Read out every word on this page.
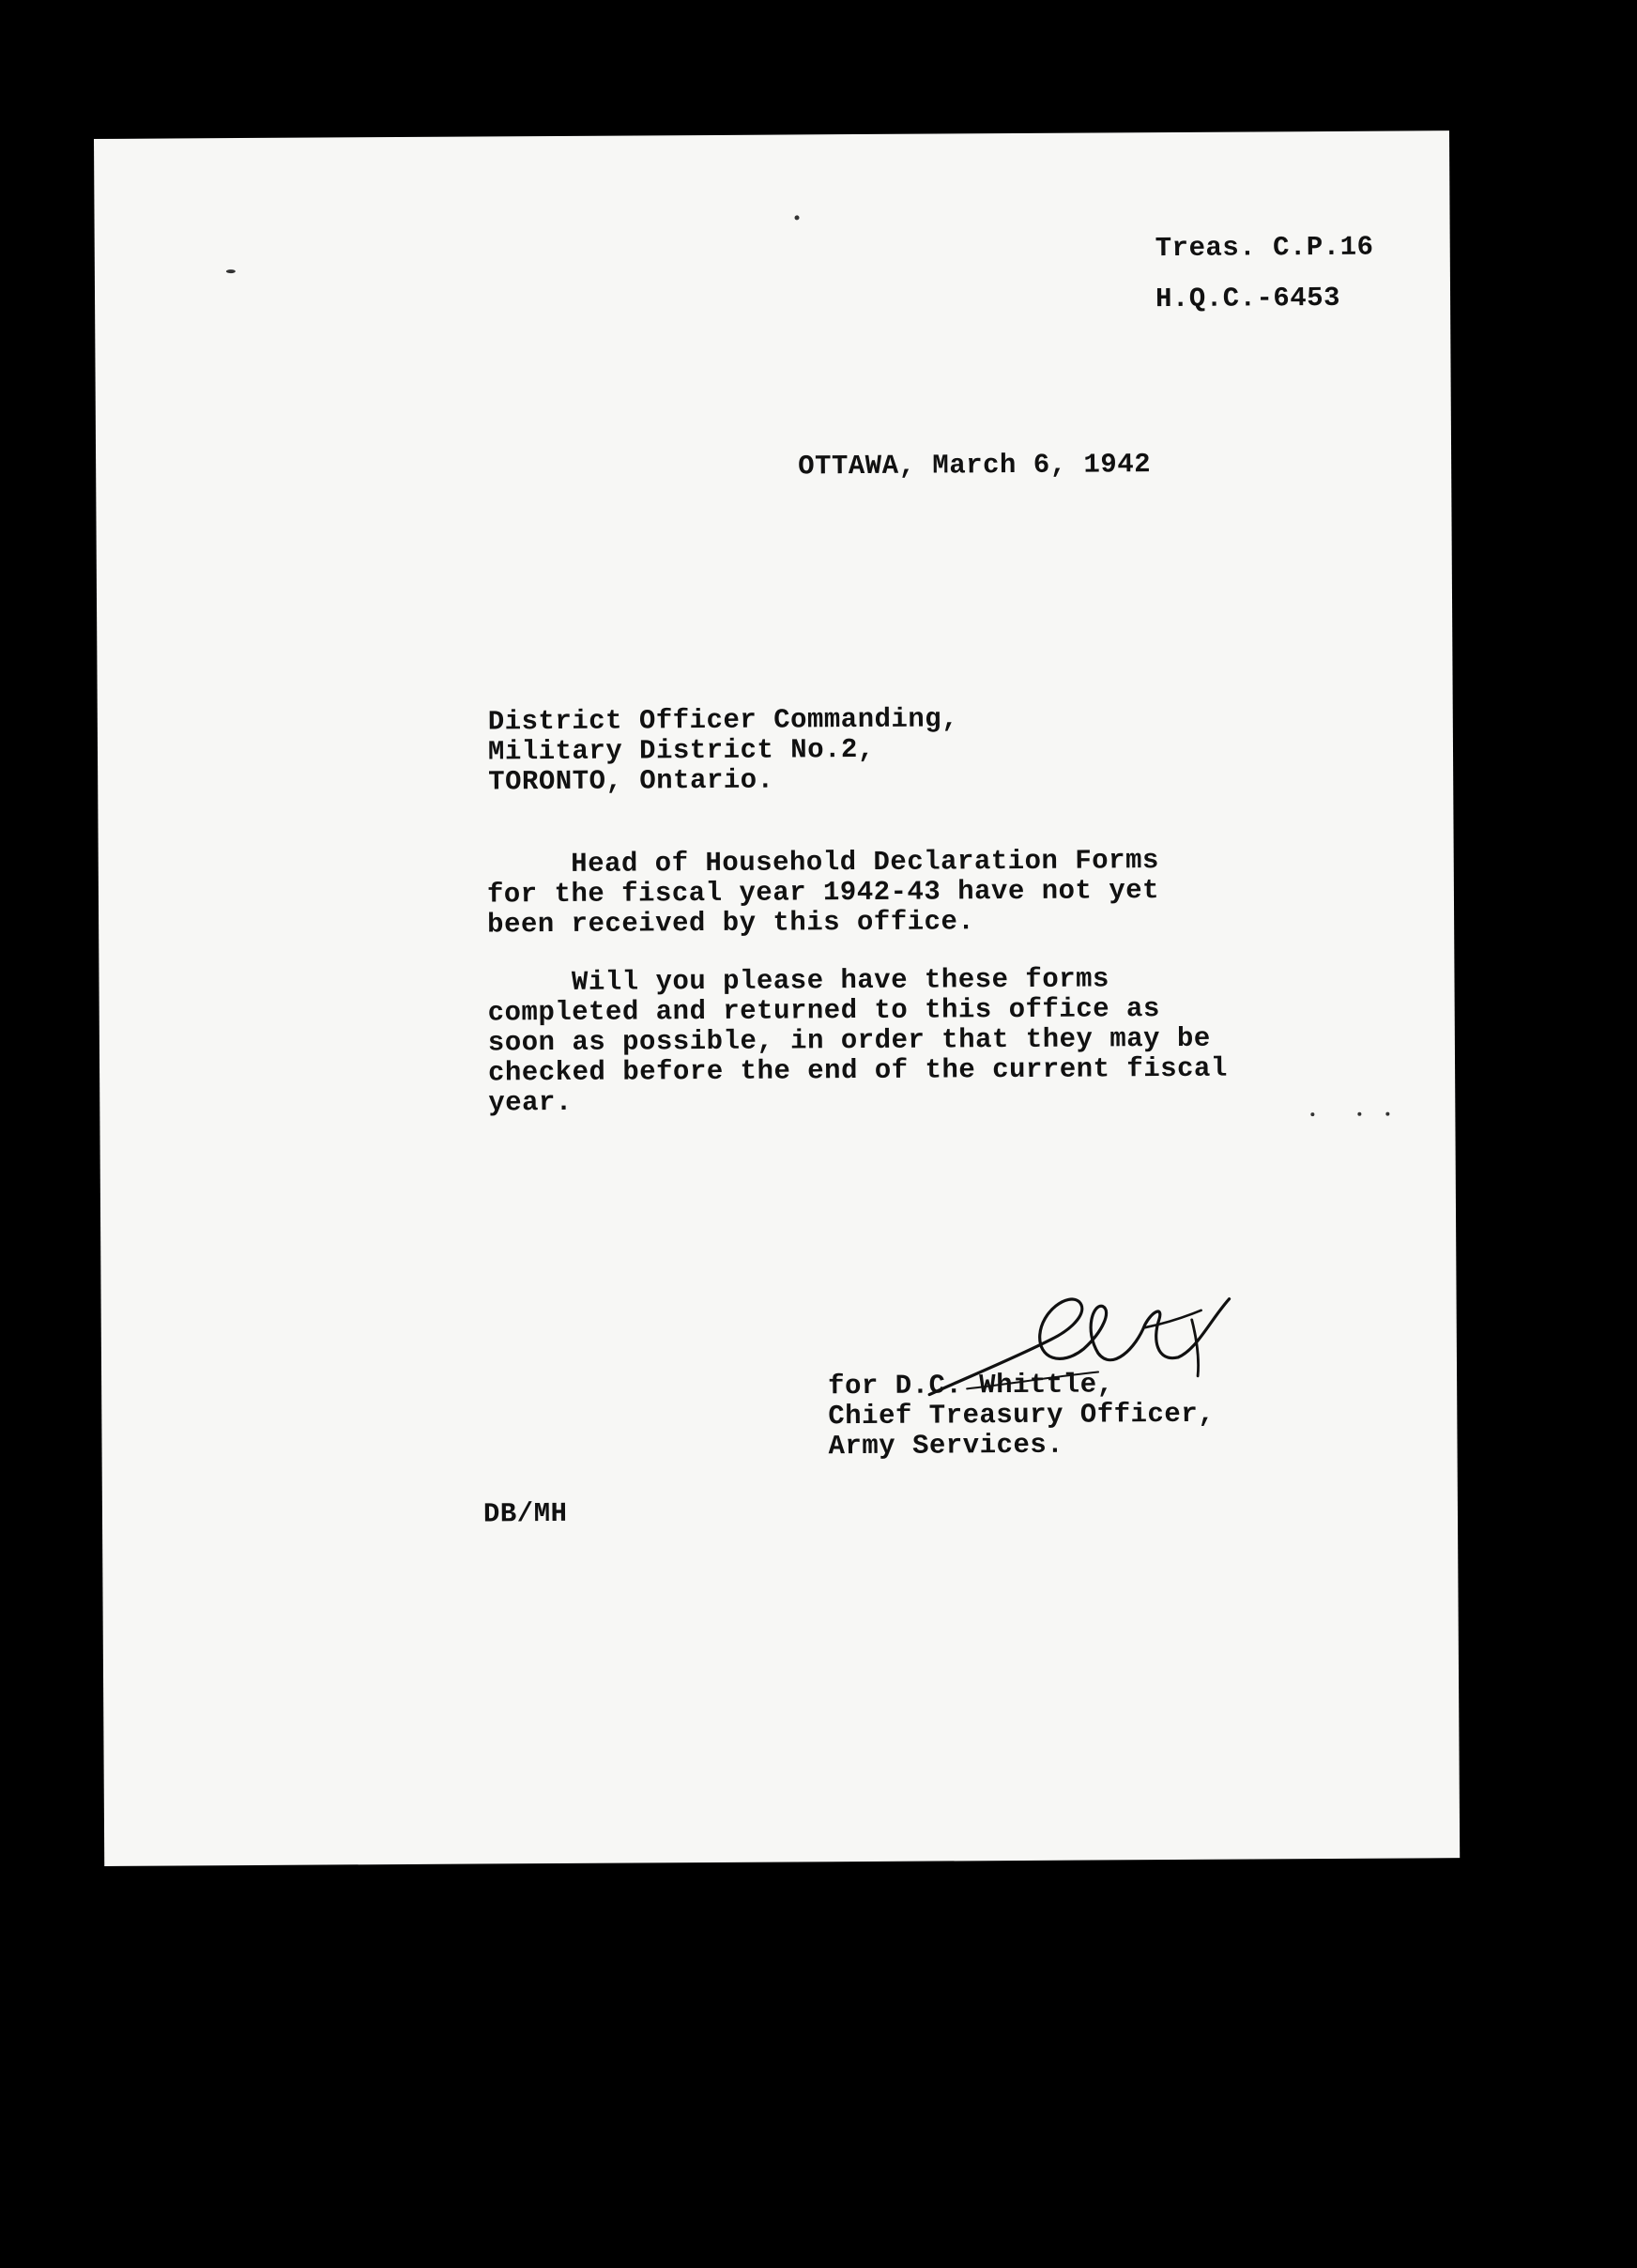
Treas. C.P.16
H.Q.C.-6453
OTTAWA, March 6, 1942
District Officer Commanding,
Military District No.2,
TORONTO, Ontario.
Head of Household Declaration Forms
for the fiscal year 1942-43 have not yet
been received by this office.
Will you please have these forms
completed and returned to this office as
soon as possible, in order that they may be
checked before the end of the current fiscal
year.
for D.C. Whittle,
Chief Treasury Officer,
Army Services.
DB/MH
